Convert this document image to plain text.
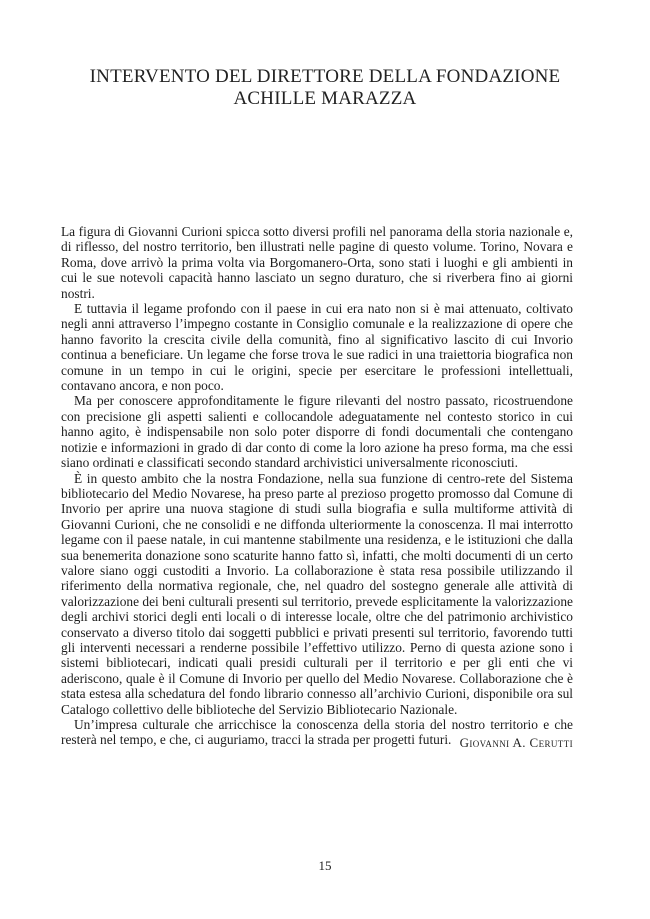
INTERVENTO DEL DIRETTORE DELLA FONDAZIONE
ACHILLE MARAZZA

La figura di Giovanni Curioni spicca sotto diversi profili nel panorama della storia nazionale e, di riflesso, del nostro territorio, ben illustrati nelle pagine di questo volume. Torino, Novara e Roma, dove arrivò la prima volta via Borgomanero-Orta, sono stati i luoghi e gli ambienti in cui le sue notevoli capacità hanno lasciato un segno duraturo, che si riverbera fino ai giorni nostri.

E tuttavia il legame profondo con il paese in cui era nato non si è mai attenuato, coltivato negli anni attraverso l’impegno costante in Consiglio comunale e la realizzazione di opere che hanno favorito la crescita civile della comunità, fino al significativo lascito di cui Invorio continua a beneficiare. Un legame che forse trova le sue radici in una traiettoria biografica non comune in un tempo in cui le origini, specie per esercitare le professioni intellettuali, contavano ancora, e non poco.

Ma per conoscere approfonditamente le figure rilevanti del nostro passato, ricostruendone con precisione gli aspetti salienti e collocandole adeguatamente nel contesto storico in cui hanno agito, è indispensabile non solo poter disporre di fondi documentali che contengano notizie e informazioni in grado di dar conto di come la loro azione ha preso forma, ma che essi siano ordinati e classificati secondo standard archivistici universalmente riconosciuti.

È in questo ambito che la nostra Fondazione, nella sua funzione di centro-rete del Sistema bibliotecario del Medio Novarese, ha preso parte al prezioso progetto promosso dal Comune di Invorio per aprire una nuova stagione di studi sulla biografia e sulla multiforme attività di Giovanni Curioni, che ne consolidi e ne diffonda ulteriormente la conoscenza. Il mai interrotto legame con il paese natale, in cui mantenne stabilmente una residenza, e le istituzioni che dalla sua benemerita donazione sono scaturite hanno fatto sì, infatti, che molti documenti di un certo valore siano oggi custoditi a Invorio. La collaborazione è stata resa possibile utilizzando il riferimento della normativa regionale, che, nel quadro del sostegno generale alle attività di valorizzazione dei beni culturali presenti sul territorio, prevede esplicitamente la valorizzazione degli archivi storici degli enti locali o di interesse locale, oltre che del patrimonio archivistico conservato a diverso titolo dai soggetti pubblici e privati presenti sul territorio, favorendo tutti gli interventi necessari a renderne possibile l’effettivo utilizzo. Perno di questa azione sono i sistemi bibliotecari, indicati quali presidi culturali per il territorio e per gli enti che vi aderiscono, quale è il Comune di Invorio per quello del Medio Novarese. Collaborazione che è stata estesa alla schedatura del fondo librario connesso all’archivio Curioni, disponibile ora sul Catalogo collettivo delle biblioteche del Servizio Bibliotecario Nazionale.

Un’impresa culturale che arricchisce la conoscenza della storia del nostro territorio e che resterà nel tempo, e che, ci auguriamo, tracci la strada per progetti futuri. Giovanni A. Cerutti
15
